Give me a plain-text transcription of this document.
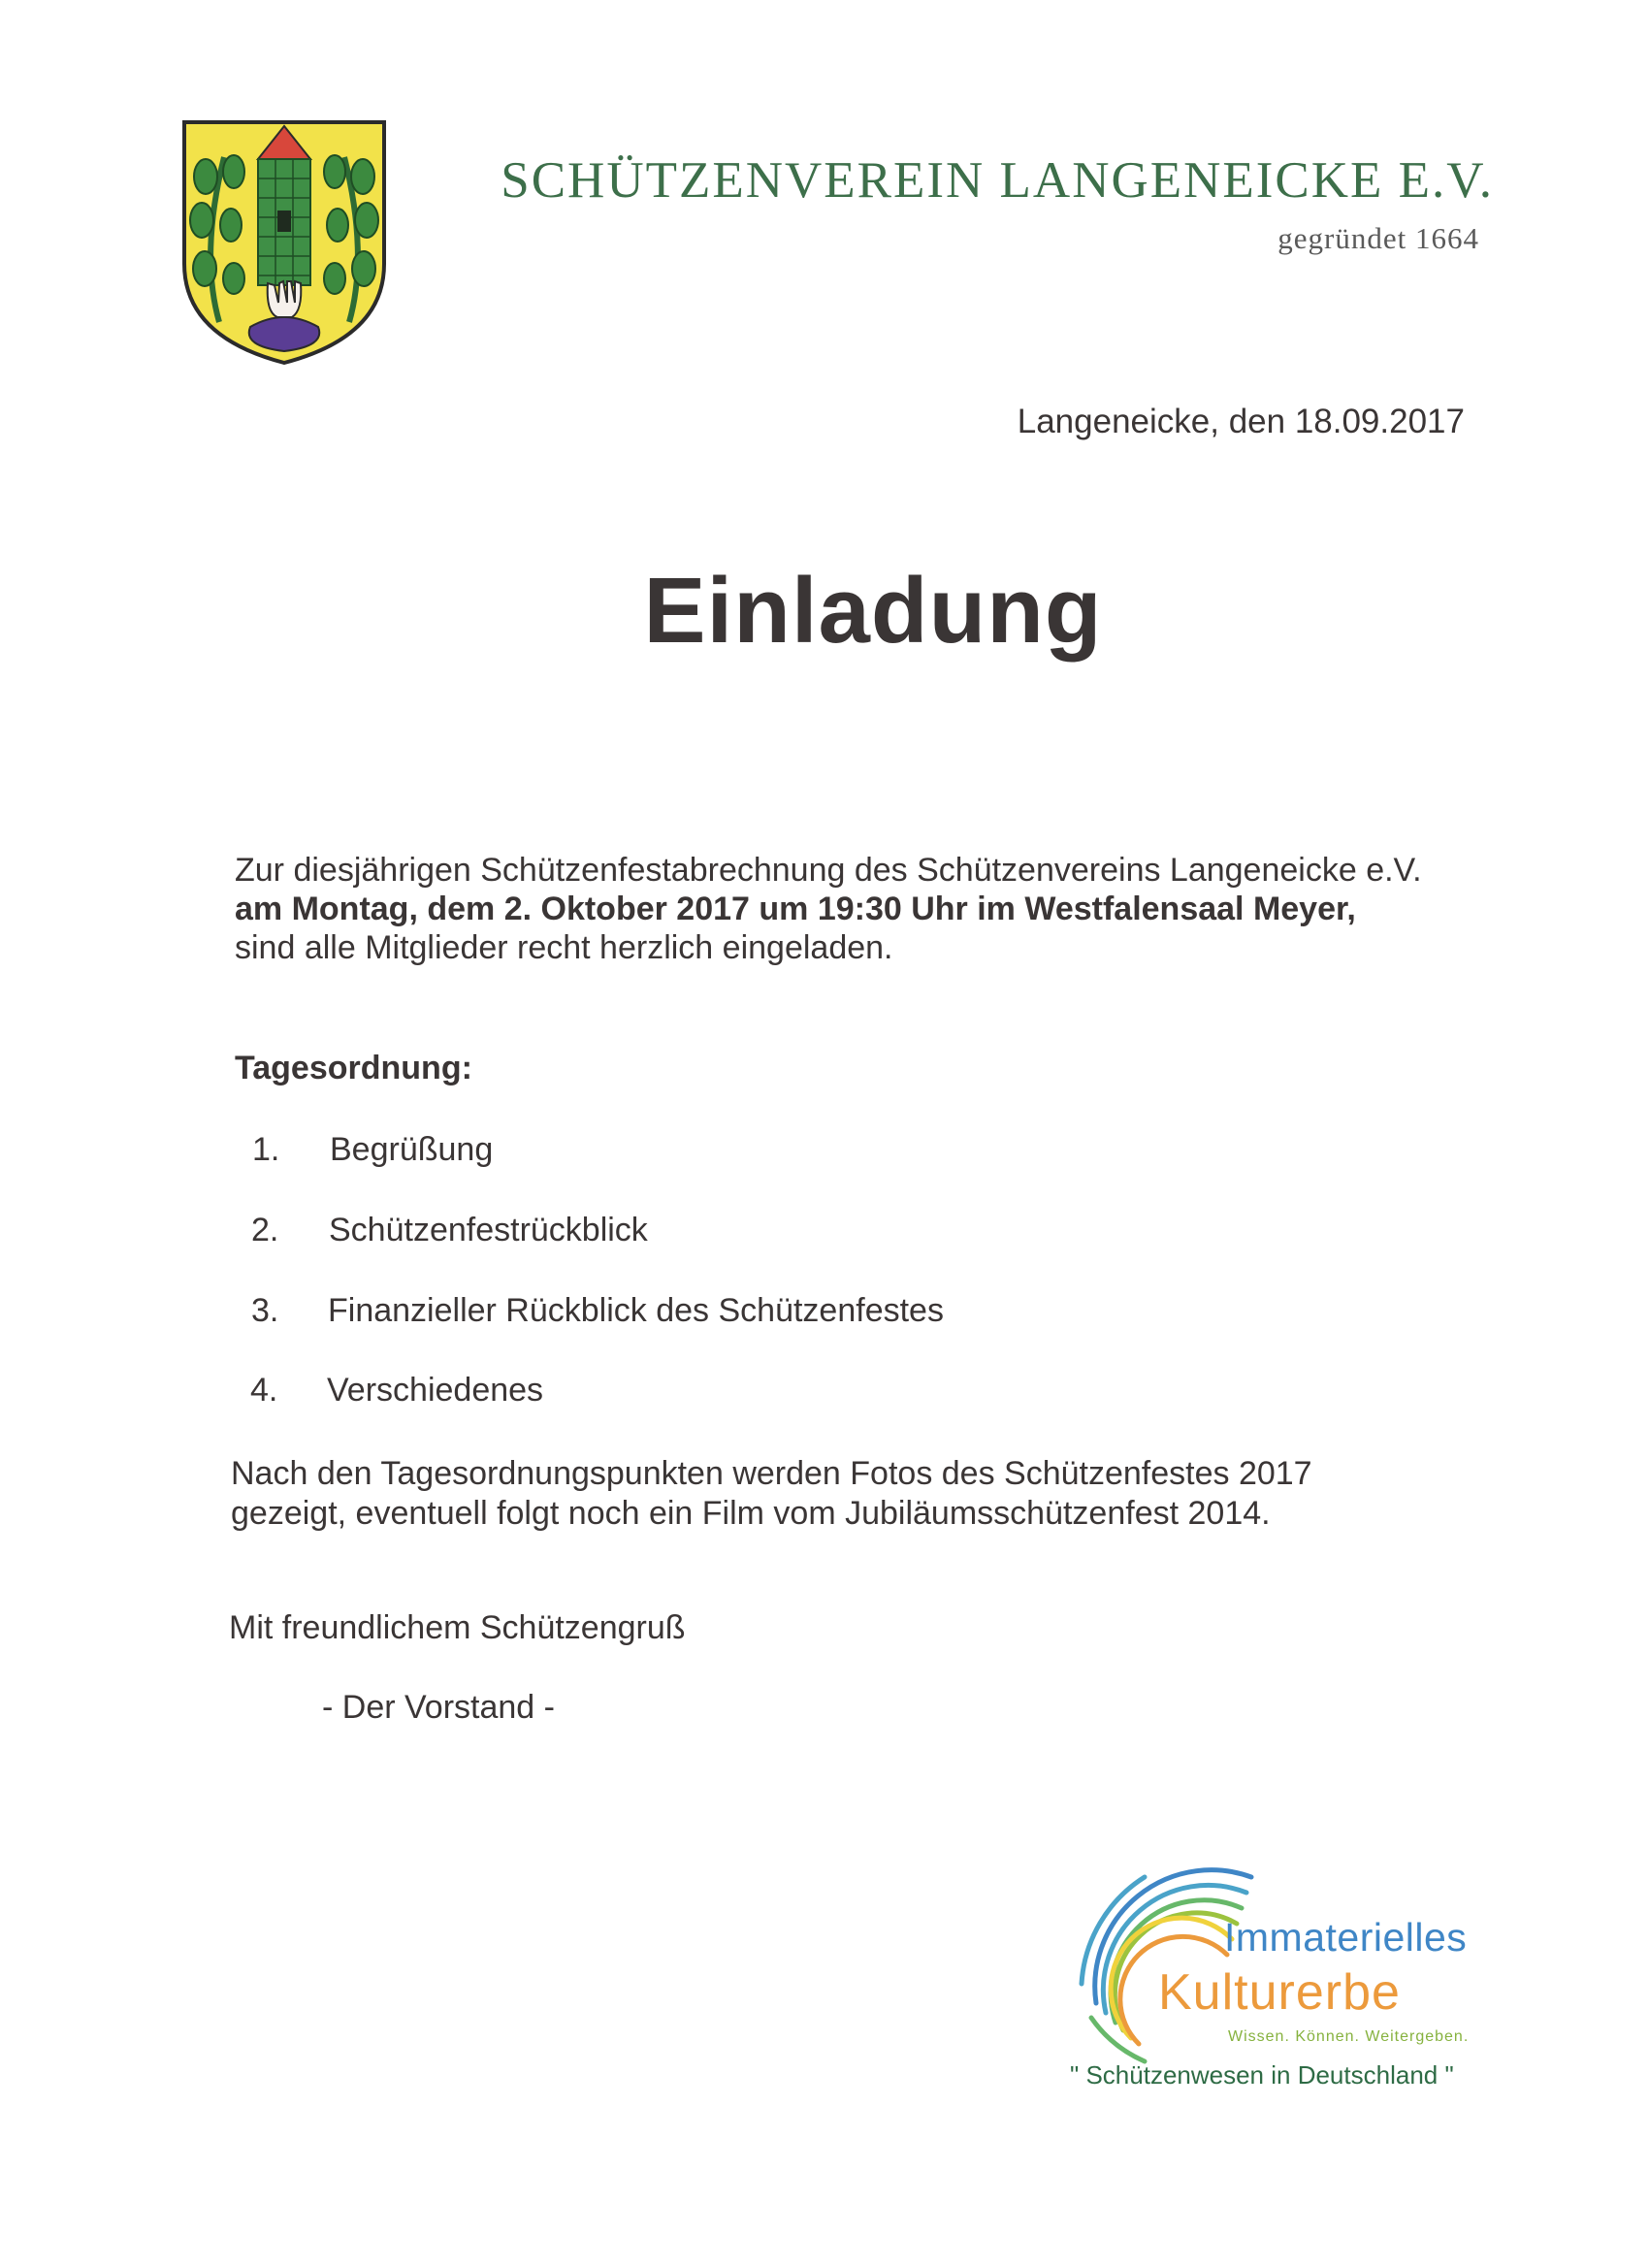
SCHÜTZENVEREIN LANGENEICKE E.V.
gegründet 1664
Langeneicke, den 18.09.2017
Einladung
Zur diesjährigen Schützenfestabrechnung des Schützenvereins Langeneicke e.V.
am Montag, dem 2. Oktober 2017 um 19:30 Uhr im Westfalensaal Meyer,
sind alle Mitglieder recht herzlich eingeladen.
Tagesordnung:
1. Begrüßung
2. Schützenfestrückblick
3. Finanzieller Rückblick des Schützenfestes
4. Verschiedenes
Nach den Tagesordnungspunkten werden Fotos des Schützenfestes 2017
gezeigt, eventuell folgt noch ein Film vom Jubiläumsschützenfest 2014.
Mit freundlichem Schützengruß
- Der Vorstand -
Immaterielles
Kulturerbe
Wissen. Können. Weitergeben.
" Schützenwesen in Deutschland "
